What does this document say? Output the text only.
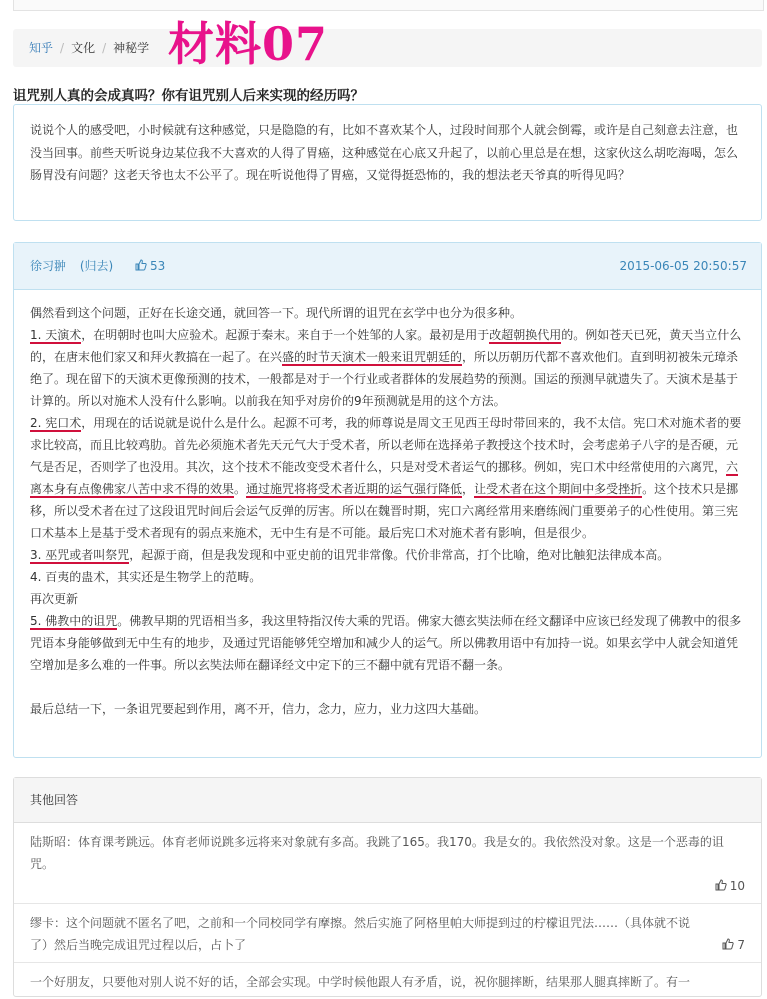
知乎 / 文化 / 神秘学 材料07
诅咒别人真的会成真吗？你有诅咒别人后来实现的经历吗？
说说个人的感受吧，小时候就有这种感觉，只是隐隐的有，比如不喜欢某个人，过段时间那个人就会倒霉，或许是自己刻意去注意，也没当回事。前些天听说身边某位我不大喜欢的人得了胃癌，这种感觉在心底又升起了，以前心里总是在想，这家伙这么胡吃海喝，怎么肠胃没有问题？这老天爷也太不公平了。现在听说他得了胃癌，又觉得挺恐怖的，我的想法老天爷真的听得见吗？
徐习翀 (归去)	53	2015-06-05 20:50:57

偶然看到这个问题，正好在长途交通，就回答一下。现代所谓的诅咒在玄学中也分为很多种。

1. 天演术，在明朝时也叫大应验术。起源于秦末。来自于一个姓邹的人家。最初是用于改超朝换代用的。例如苍天已死，黄天当立什么的，在唐末他们家又和拜火教搞在一起了。在兴盛的时节天演术一般来诅咒朝廷的，所以历朝历代都不喜欢他们。直到明初被朱元璋杀绝了。现在留下的天演术更像预测的技术，一般都是对于一个行业或者群体的发展趋势的预测。国运的预测早就遗失了。天演术是基于计算的。所以对施术人没有什么影响。以前我在知乎对房价的9年预测就是用的这个方法。

2. 宪口术，用现在的话说就是说什么是什么。起源不可考，我的师尊说是周文王见西王母时带回来的，我不太信。宪口术对施术者的要求比较高，而且比较鸡肋。首先必须施术者先天元气大于受术者，所以老师在选择弟子教授这个技术时，会考虑弟子八字的是否硬，元气是否足，否则学了也没用。其次，这个技术不能改变受术者什么，只是对受术者运气的挪移。例如，宪口术中经常使用的六离咒，六离本身有点像佛家八苦中求不得的效果。通过施咒将将受术者近期的运气强行降低，让受术者在这个期间中多受挫折。这个技术只是挪移，所以受术者在过了这段诅咒时间后会运气反弹的厉害。所以在魏晋时期，宪口六离经常用来磨练阀门重要弟子的心性使用。第三宪口术基本上是基于受术者现有的弱点来施术，无中生有是不可能。最后宪口术对施术者有影响，但是很少。

3. 巫咒或者叫祭咒，起源于商，但是我发现和中亚史前的诅咒非常像。代价非常高，打个比喻，绝对比触犯法律成本高。

4. 百夷的蛊术，其实还是生物学上的范畴。

再次更新

5. 佛教中的诅咒。佛教早期的咒语相当多，我这里特指汉传大乘的咒语。佛家大德玄奘法师在经文翻译中应该已经发现了佛教中的很多咒语本身能够做到无中生有的地步，及通过咒语能够凭空增加和减少人的运气。所以佛教用语中有加持一说。如果玄学中人就会知道凭空增加是多么难的一件事。所以玄奘法师在翻译经文中定下的三不翻中就有咒语不翻一条。

最后总结一下，一条诅咒要起到作用，离不开，信力，念力，应力，业力这四大基础。

其他回答
陆斯昭：体育课考跳远。体育老师说跳多远将来对象就有多高。我跳了165。我170。我是女的。我依然没对象。这是一个恶毒的诅咒。
10
缪卡：这个问题就不匿名了吧，之前和一个同校同学有摩擦。然后实施了阿格里帕大师提到过的柠檬诅咒法……（具体就不说了）然后当晚完成诅咒过程以后，占卜了	7
一个好朋友，只要他对别人说不好的话，全部会实现。中学时候他跟人有矛盾，说，祝你腿摔断，结果那人腿真摔断了。有一
